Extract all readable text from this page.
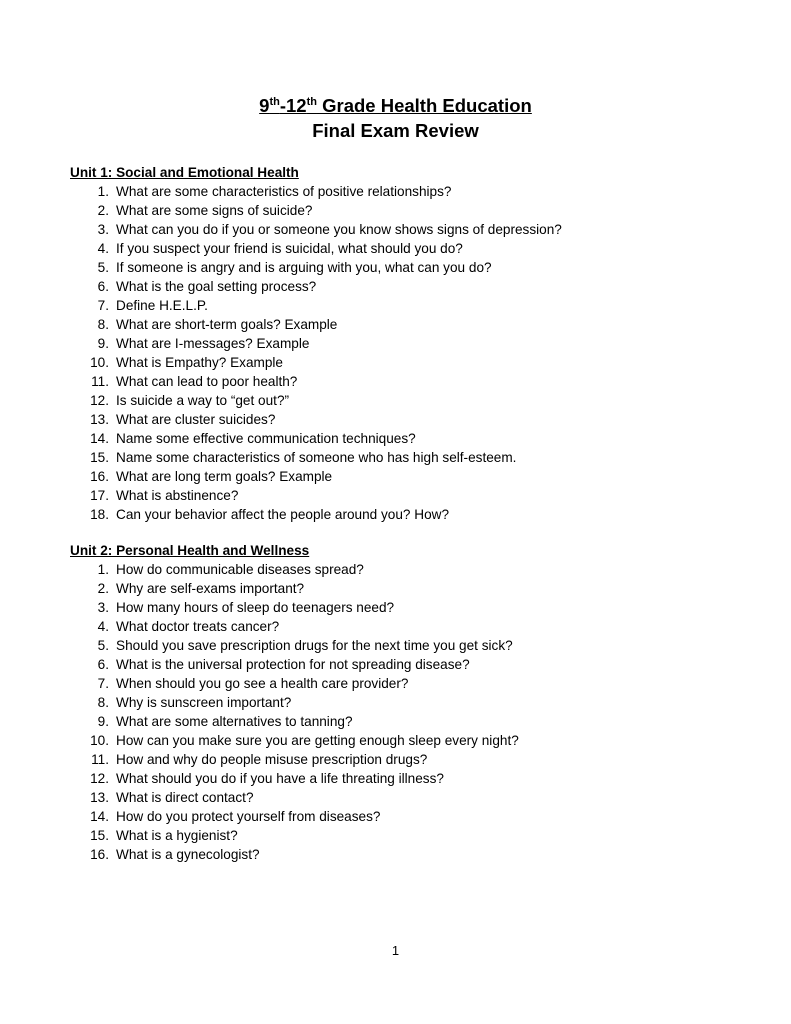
9th-12th Grade Health Education
Final Exam Review
Unit 1: Social and Emotional Health
1. What are some characteristics of positive relationships?
2. What are some signs of suicide?
3. What can you do if you or someone you know shows signs of depression?
4. If you suspect your friend is suicidal, what should you do?
5. If someone is angry and is arguing with you, what can you do?
6. What is the goal setting process?
7. Define H.E.L.P.
8. What are short-term goals? Example
9. What are I-messages? Example
10. What is Empathy? Example
11. What can lead to poor health?
12. Is suicide a way to “get out?”
13. What are cluster suicides?
14. Name some effective communication techniques?
15. Name some characteristics of someone who has high self-esteem.
16. What are long term goals? Example
17. What is abstinence?
18. Can your behavior affect the people around you? How?
Unit 2: Personal Health and Wellness
1. How do communicable diseases spread?
2. Why are self-exams important?
3. How many hours of sleep do teenagers need?
4. What doctor treats cancer?
5. Should you save prescription drugs for the next time you get sick?
6. What is the universal protection for not spreading disease?
7. When should you go see a health care provider?
8. Why is sunscreen important?
9. What are some alternatives to tanning?
10. How can you make sure you are getting enough sleep every night?
11. How and why do people misuse prescription drugs?
12. What should you do if you have a life threating illness?
13. What is direct contact?
14. How do you protect yourself from diseases?
15. What is a hygienist?
16. What is a gynecologist?
1
